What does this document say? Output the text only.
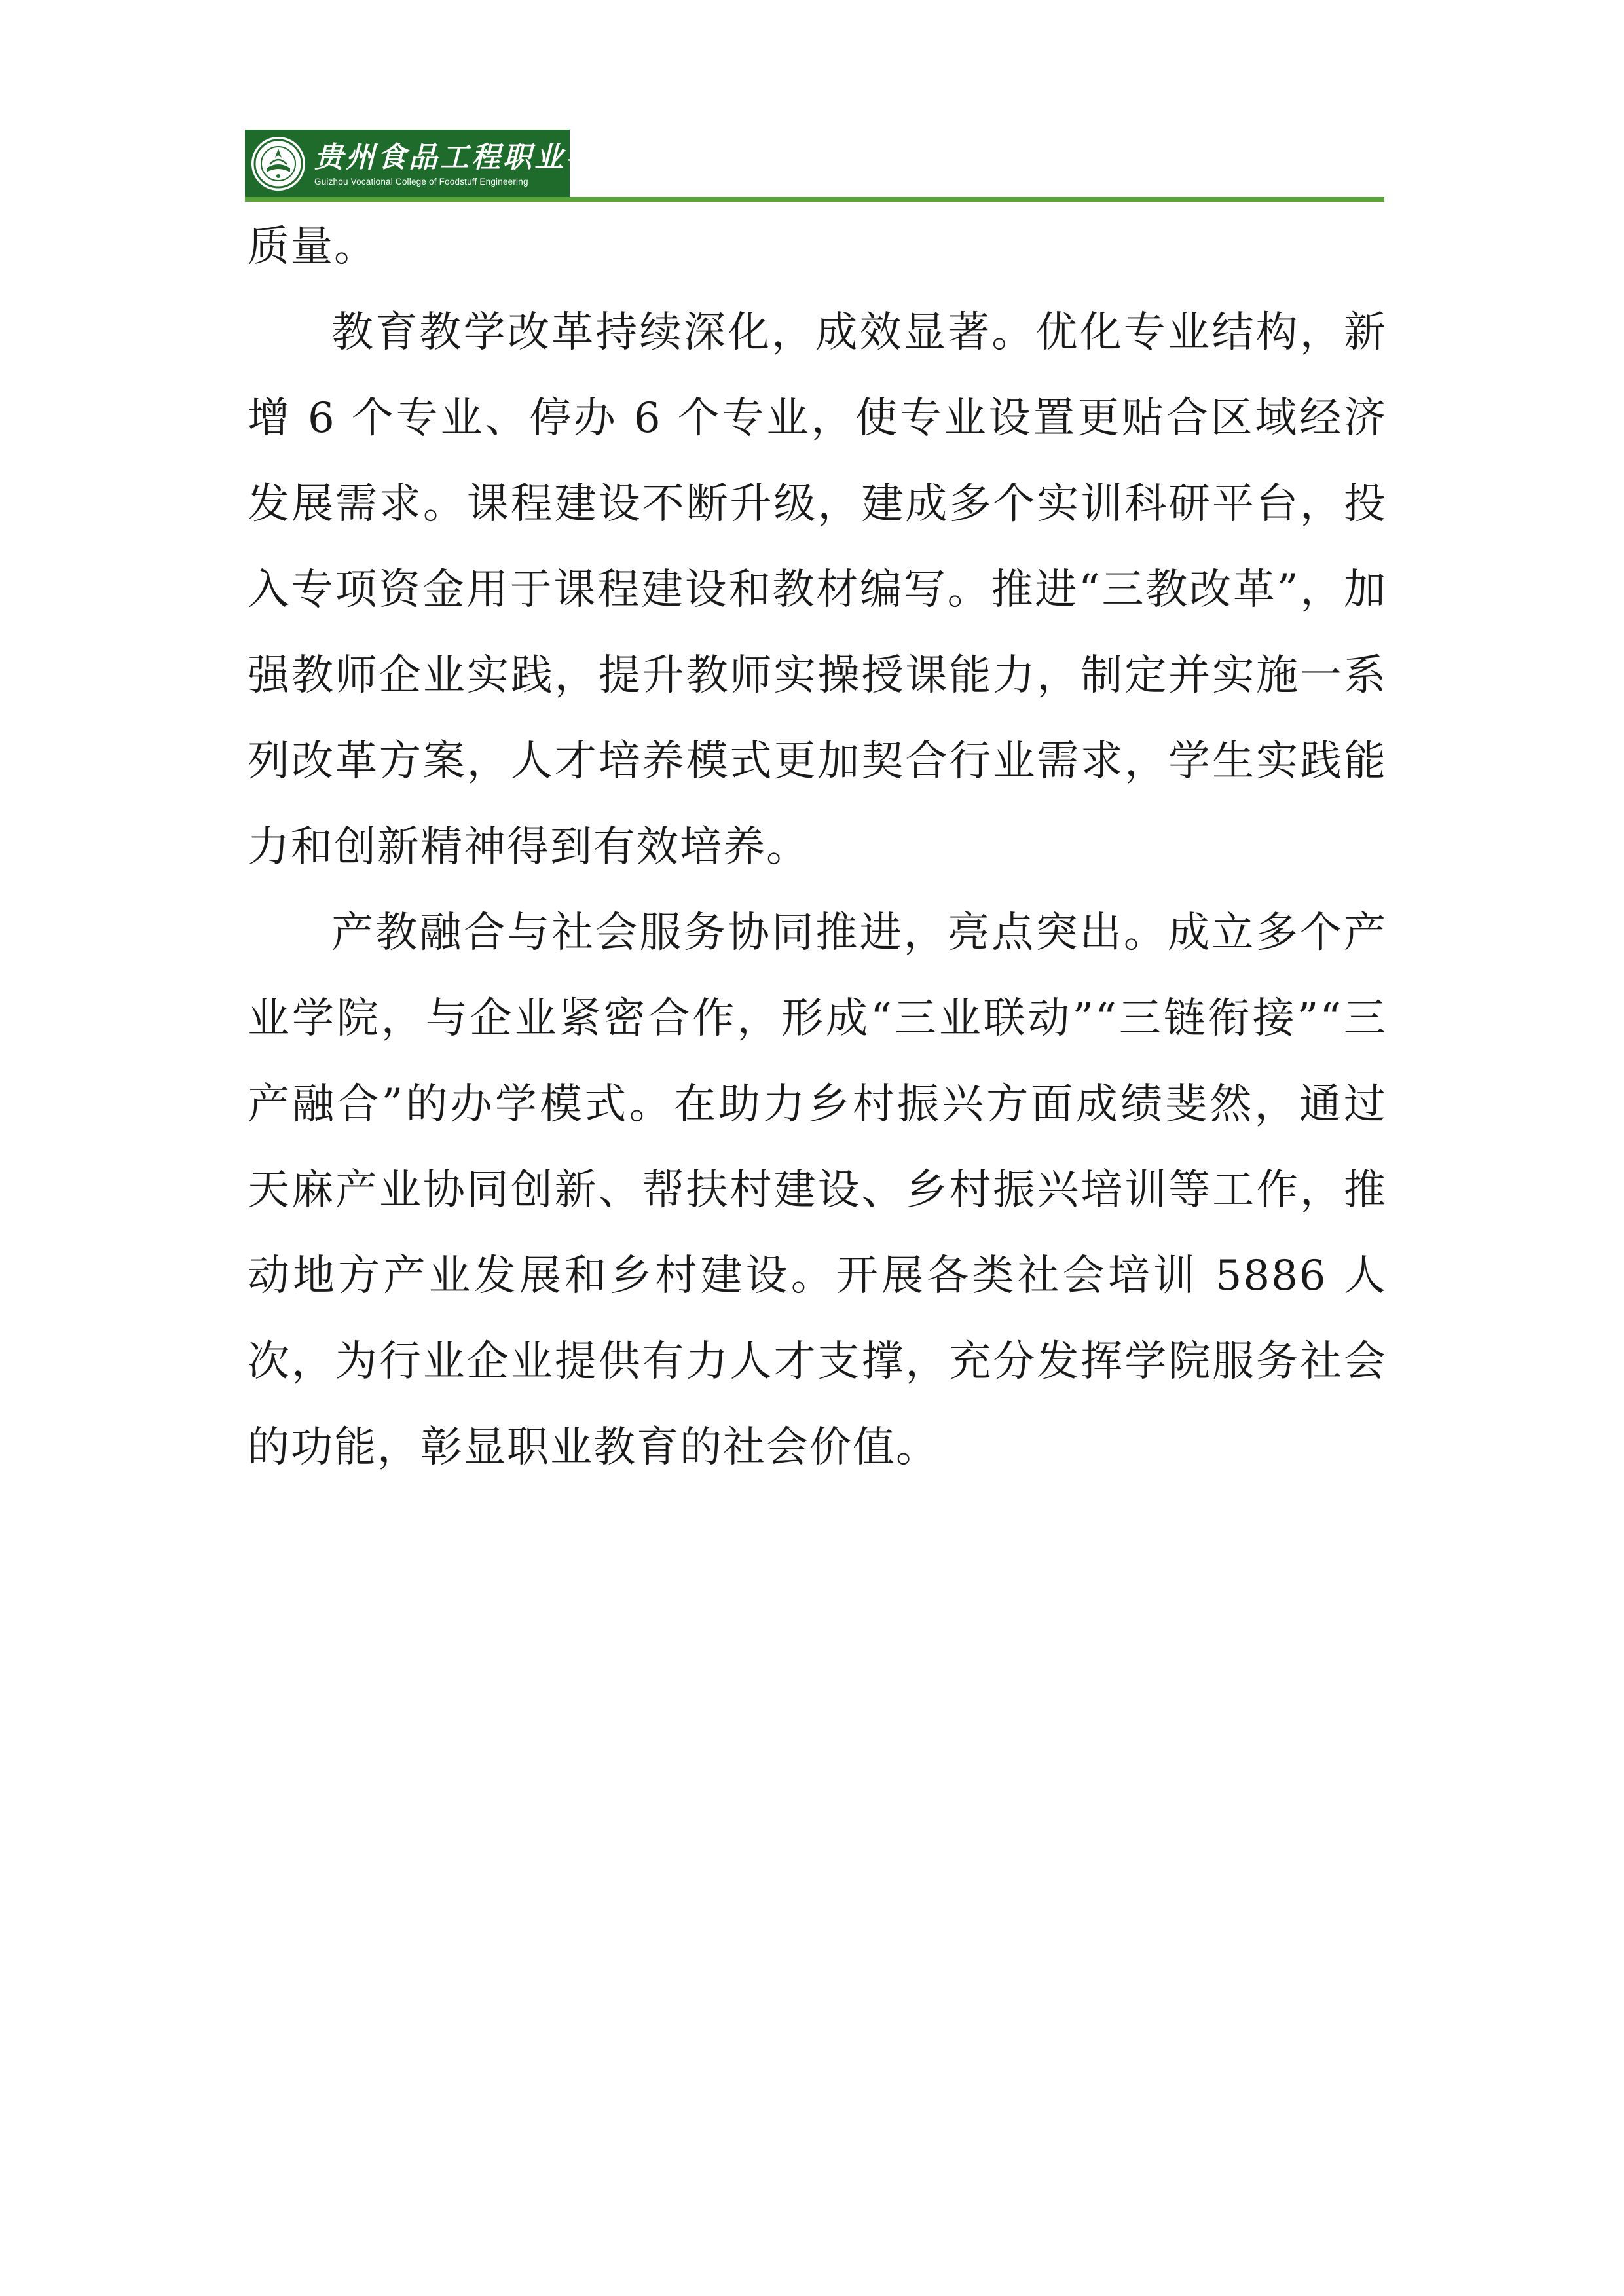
贵州食品工程职业学院
Guizhou Vocational College of Foodstuff Engineering

质量。

教育教学改革持续深化，成效显著。优化专业结构，新增 6 个专业、停办 6 个专业，使专业设置更贴合区域经济发展需求。课程建设不断升级，建成多个实训科研平台，投入专项资金用于课程建设和教材编写。推进“三教改革”，加强教师企业实践，提升教师实操授课能力，制定并实施一系列改革方案，人才培养模式更加契合行业需求，学生实践能力和创新精神得到有效培养。

产教融合与社会服务协同推进，亮点突出。成立多个产业学院，与企业紧密合作，形成“三业联动”“三链衔接”“三产融合”的办学模式。在助力乡村振兴方面成绩斐然，通过天麻产业协同创新、帮扶村建设、乡村振兴培训等工作，推动地方产业发展和乡村建设。开展各类社会培训 5886 人次，为行业企业提供有力人才支撑，充分发挥学院服务社会的功能，彰显职业教育的社会价值。
